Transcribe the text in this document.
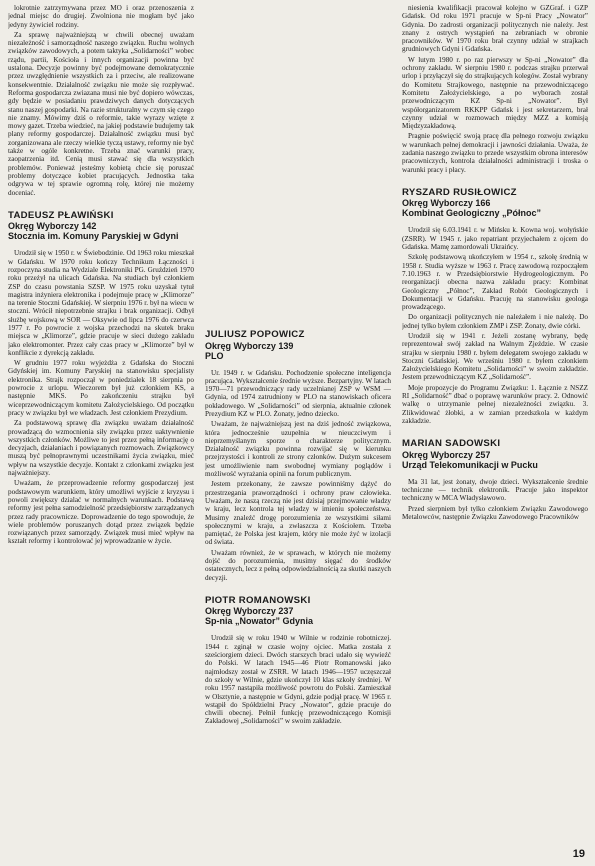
lokrotnie zatrzymywana przez MO i oraz przenoszenia z jednal miejsc do drugiej. Zwolniona nie mogłam być jako jedyny żywiciel rodziny.

Za sprawę najważniejszą w chwili obecnej uważam niezależność i samorządność naszego związku. Ruchu wolnych związków zawodowych, a potem taktyka „Solidarności” wobec rządu, partii, Kościoła i innych organizacji powinna być ustalona. Decyzje powinny być podejmowane demokratycznie przez uwzględnienie wszystkich za i przeciw, ale realizowane konsekwentnie. Działalność związku nie może się rozpływać. Reforma gospodarcza zwiazana musi nie być dopiero wówczas, gdy będzie w posiadaniu prawdziwych danych dotyczących stanu naszej gospodarki. Na razie strukturalny w czym się czego nie znamy. Mówimy dziś o reformie, takie wyrazy wzięte z mowy gazet. Trzeba wiedzieć, na jakiej podstawie budujemy tak plany reformy gospodarczej. Działalność związku musi być zorganizowana ale rzeczy wielkie tyczą ustawy, reformy nie być także w ogóle konkretne. Trzeba znać warunki pracy, zaopatrzenia itd. Cenią musi stawać się dla wszystkich problemów. Ponieważ jesteśmy kobietą chcie się poruszać problemy dotyczące kobiet pracujących. Jednostka taka odgrywa w tej sprawie ogromną rolę, której nie możemy doceniać.

TADEUSZ PŁAWIŃSKI

Okręg Wyborczy 142

Stocznia im. Komuny Paryskiej w Gdyni

Urodził się w 1950 r. w Świebodzinie. Od 1963 roku mieszkał w Gdańsku. W 1970 roku kończy Technikum Łączności i rozpoczyna studia na Wydziale Elektroniki PG. Gruździeń 1970 roku przeżył na ulicach Gdańska. Na studiach był członkiem ZSP do czasu powstania SZSP. W 1975 roku uzyskał tytuł magistra inżyniera elektronika i podejmuje pracę w „Klimorze” na terenie Stoczni Gdańskiej. W sierpniu 1976 r. był na wiecu w stoczni. Wrócił niepotrzebnie strajku i brak organizacji. Odbył służbę wojskową w SOR — Oksywie od lipca 1976 do czerwca 1977 r. Po powrocie z wojska przechodzi na skutek braku miejsca w „Klimorze”, gdzie pracuje w sieci dużego zakładu jako elektromonter. Przez cały czas pracy w „Klimorze” był w konflikcie z dyrekcją zakładu.

W grudniu 1977 roku wyjeżdża z Gdańska do Stoczni Gdyńskiej im. Komuny Paryskiej na stanowisku specjalisty elektronika. Strajk rozpoczął w poniedziałek 18 sierpnia po powrocie z urlopu. Wieczorem był już członkiem KS, a następnie MKS. Po zakończeniu strajku był wiceprzewodniczącym komitetu Założycielskiego. Od początku pracy w związku był we władzach. Jest członkiem Prezydium.

Za podstawową sprawę dla związku uważam działalność prowadzącą do wzmocnienia siły związku przez uaktywnienie wszystkich członków. Możliwe to jest przez pełną informację o decyzjach, działaniach i powiązanych rozmowach. Związkowcy muszą być pełnoprawnymi uczestnikami życia związku, mieć wpływ na wszystkie decyzje. Kontakt z członkami związku jest najważniejszy.

Uważam, że przeprowadzenie reformy gospodarczej jest podstawowym warunkiem, który umożliwi wyjście z kryzysu i powoli zwiększy dzialać w normalnych warunkach. Podstawą reformy jest pełna samodzielność przedsiębiorstw zarządzanych przez rady pracownicze. Doprowadzenie do tego spowoduje, że wiele problemów poruszanych dotąd przez związek będzie rozwiązanych przez samorządy. Związek musi mieć wpływ na kształt reformy i kontrolować jej wprowadzanie w życie.

JULIUSZ POPOWICZ

Okręg Wyborczy 139

PLO

Ur. 1949 r. w Gdańsku. Pochodzenie społeczne inteligencja pracująca. Wykształcenie średnie wyższe. Bezpartyjny. W latach 1970—71 przewodniczący rady uczelnianej ZSP w WSM — Gdynia, od 1974 zatrudniony w PLO na stanowiskach oficera pokładowego. W „Solidarności” od sierpnia, aktualnie członek Prezydium KZ w PLO. Żonaty, jedno dziecko.

Uważam, że najważniejszą jest na dziś jedność związkowa, która jednocześnie uzupełnia w nieuczciwym i nieprzemyślanym sporze o charakterze politycznym. Działalność związku powinna rozwijać się w kierunku przejrzystości i kontroli ze strony członków. Dużym sukcesem jest umożliwienie nam swobodnej wymiany poglądów i możliwość wyrażania opinii na forum publicznym.

Jestem przekonany, że zawsze powinniśmy dążyć do przestrzegania praworządności i ochrony praw człowieka. Uważam, że naszą rzeczą nie jest dzisiaj przejmowanie władzy w kraju, lecz kontrola tej władzy w imieniu społeczeństwa. Musimy znaleźć drogę porozumienia ze wszystkimi siłami społecznymi w kraju, a zwłaszcza z Kościołem. Trzeba pamiętać, że Polska jest krajem, który nie może żyć w izolacji od świata.

Uważam również, że w sprawach, w których nie możemy dojść do porozumienia, musimy sięgać do środków ostatecznych, lecz z pełną odpowiedzialnością za skutki naszych decyzji.

PIOTR ROMANOWSKI

Okręg Wyborczy 237

Sp-nia „Nowator” Gdynia

Urodził się w roku 1940 w Wilnie w rodzinie robotniczej. 1944 r. zginął w czasie wojny ojciec. Matka została z sześciorgiem dzieci. Dwóch starszych braci udało się wywieźć do Polski. W latach 1945—46 Piotr Romanowski jako najmłodszy został w ZSRR. W latach 1946—1957 uczęszczał do szkoły w Wilnie, gdzie ukończył 10 klas szkoły średniej. W roku 1957 nastąpiła możliwość powrotu do Polski. Zamieszkał w Olsztynie, a następnie w Gdyni, gdzie podjął pracę. W 1965 r. wstąpił do Spółdzielni Pracy „Nowator”, gdzie pracuje do chwili obecnej. Pełnił funkcję przewodniczącego Komisji Zakładowej „Solidarności” w swoim zakładzie.

niesienia kwalifikacji pracował kolejno w GZGraf. i GZP Gdańsk. Od roku 1971 pracuje w Sp-ni Pracy „Nowator” Gdynia. Do zadrosti organizacji politycznych nie należy. Jest znany z ostrych wystąpień na zebraniach w obronie pracowników. W 1970 roku brał czynny udział w strajkach grudniowych Gdyni i Gdańska.

W lutym 1980 r. po raz pierwszy w Sp-ni „Nowator” dla ochrony zakładu. W sierpniu 1980 r. podczas strajku przerwał urlop i przyłączył się do strajkujących kolegów. Został wybrany do Komitetu Strajkowego, następnie na przewodniczącego Komitetu Założycielskiego, a po wyborach został przewodniczącym KZ Sp-ni „Nowator”. Był współorganizatorem RKKPP Gdańsk i jest sekretarzem, brał czynny udział w rozmowach między MZZ a komisją Międzyzakładową.

Pragnie poświęcić swoją pracę dla pełnego rozwoju związku w warunkach pełnej demokracji i jawności działania. Uważa, że zadania naszego związku to przede wszystkim obrona interesów pracowniczych, kontrola działalności administracji i troska o warunki pracy i płacy.

RYSZARD RUSIŁOWICZ

Okręg Wyborczy 166

Kombinat Geologiczny „Północ”

Urodził się 6.03.1941 r. w Mińsku k. Kowna woj. wołyńskie (ZSRR). W 1945 r. jako repatriant przyjechałem z ojcem do Gdańska. Mamę zamordowali Ukraińcy.

Szkołę podstawową ukończyłem w 1954 r., szkołę średnią w 1958 r. Studia wyższe w 1963 r. Pracę zawodową rozpocząłem 7.10.1963 r. w Przedsiębiorstwie Hydrogeologicznym. Po reorganizacji obecna nazwa zakładu pracy: Kombinat Geologiczny „Północ”, Zakład Robót Geologicznych i Dokumentacji w Gdańsku. Pracuję na stanowisku geologa prowadzącego.

Do organizacji politycznych nie należałem i nie należę. Do jednej tylko byłem członkiem ZMP i ZSP. Żonaty, dwie córki.

Urodził się w 1941 r. Jeżeli zostanę wybrany, będę reprezentował swój zakład na Walnym Zjeździe. W czasie strajku w sierpniu 1980 r. byłem delegatem swojego zakładu w Stoczni Gdańskiej. We wrześniu 1980 r. byłem członkiem Założycielskiego Komitetu „Solidarności” w swoim zakładzie. Jestem przewodniczącym KZ „Solidarność”.

Moje propozycje do Programu Związku: 1. Łącznie z NSZZ RI „Solidarność” dbać o poprawę warunków pracy. 2. Odnowić walkę o utrzymanie pełnej niezależności związku. 3. Zlikwidować żłobki, a w zamian przedszkola w każdym zakładzie.

MARIAN SADOWSKI

Okręg Wyborczy 257

Urząd Telekomunikacji w Pucku

Ma 31 lat, jest żonaty, dwoje dzieci. Wykształcenie średnie techniczne — technik elektronik. Pracuje jako inspektor techniczny w MCA Władysławowo.

Przed sierpniem był tylko członkiem Związku Zawodowego Metalowców, następnie Związku Zawodowego Pracowników

19
